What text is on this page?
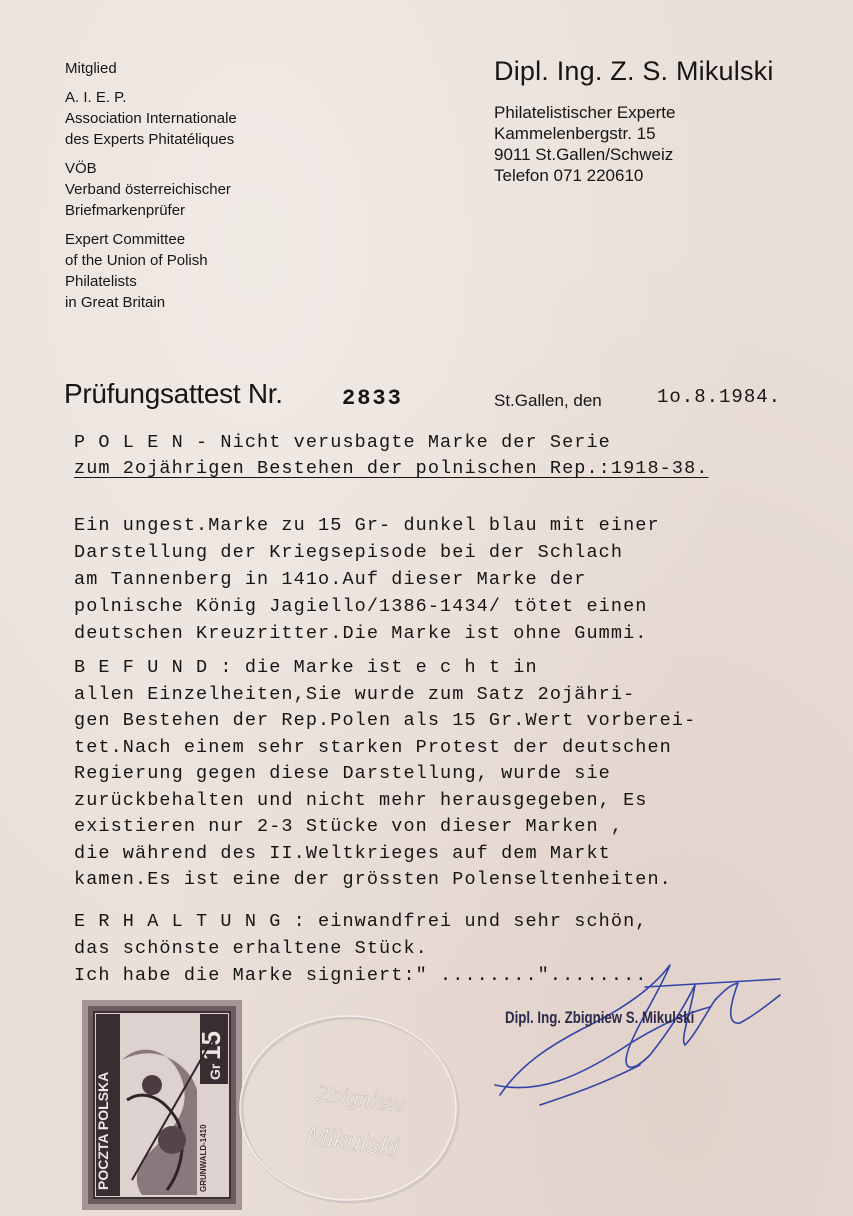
Mitglied
A. I. E. P.
Association Internationale
des Experts Phitatéliques
VÖB
Verband österreichischer
Briefmarkenprüfer
Expert Committee
of the Union of Polish
Philatelists
in Great Britain
Dipl. Ing. Z. S. Mikulski
Philatelistischer Experte
Kammelenbergstr. 15
9011 St.Gallen/Schweiz
Telefon 071 220610
Prüfungsattest Nr.	2833	St.Gallen, den	1o.8.1984.
P O L E N - Nicht verusbagte Marke der Serie
zum 2ojährigen Bestehen der polnischen Rep.:1918-38.
Ein ungest.Marke zu 15 Gr- dunkel blau mit einer
Darstellung der Kriegsepisode bei der Schlach
am Tannenberg in 141o.Auf dieser Marke der
polnische König Jagiello/1386-1434/ tötet einen
deutschen Kreuzritter.Die Marke ist ohne Gummi.
B E F U N D : die Marke ist e c h t in
allen Einzelheiten,Sie wurde zum Satz 2ojähri-
gen Bestehen der Rep.Polen als 15 Gr.Wert vorberei-
tet.Nach einem sehr starken Protest der deutschen
Regierung gegen diese Darstellung, wurde sie
zurückbehalten und nicht mehr herausgegeben, Es
existieren nur 2-3 Stücke von dieser Marken ,
die während des II.Weltkrieges auf dem Markt
kamen.Es ist eine der grössten Polenseltenheiten.
E R H A L T U N G : einwandfrei und sehr schön,
das schönste erhaltene Stück.
Ich habe die Marke signiert:" ........"........
Dipl. Ing. Zbigniew S. Mikulski
POCZTA POLSKA
15
Gr
GRUNWALD-1410
Zbigniew
Mikulski
